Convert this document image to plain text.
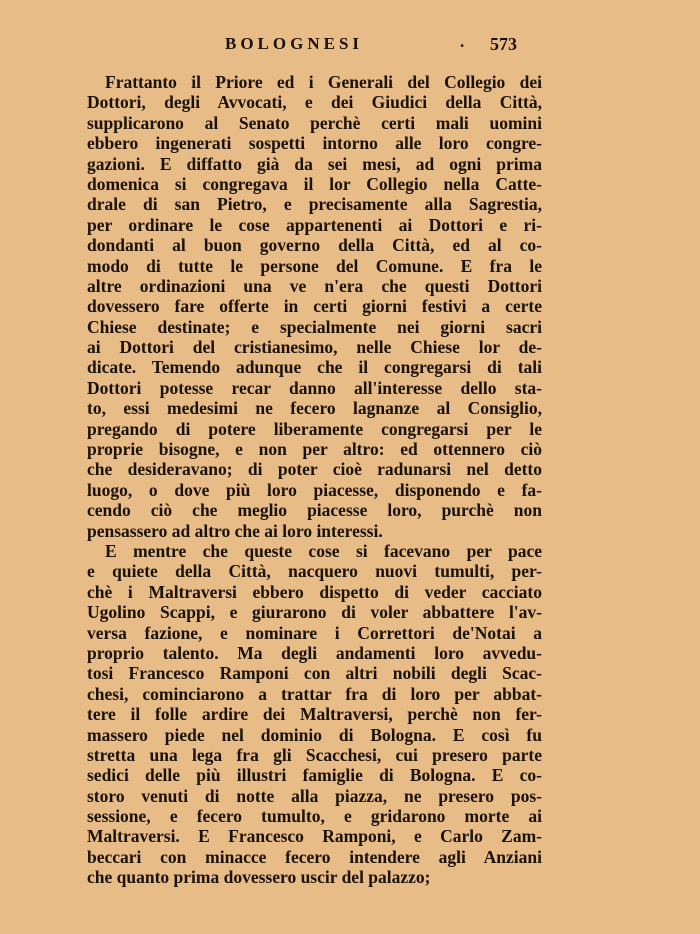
BOLOGNESI	. 573
Frattanto il Priore ed i Generali del Collegio dei
Dottori, degli Avvocati, e dei Giudici della Città,
supplicarono al Senato perchè certi mali uomini
ebbero ingenerati sospetti intorno alle loro congre-
gazioni. E diffatto già da sei mesi, ad ogni prima
domenica si congregava il lor Collegio nella Catte-
drale di san Pietro, e precisamente alla Sagrestia,
per ordinare le cose appartenenti ai Dottori e ri-
dondanti al buon governo della Città, ed al co-
modo di tutte le persone del Comune. E fra le
altre ordinazioni una ve n'era che questi Dottori
dovessero fare offerte in certi giorni festivi a certe
Chiese destinate; e specialmente nei giorni sacri
ai Dottori del cristianesimo, nelle Chiese lor de-
dicate. Temendo adunque che il congregarsi di tali
Dottori potesse recar danno all'interesse dello sta-
to, essi medesimi ne fecero lagnanze al Consiglio,
pregando di potere liberamente congregarsi per le
proprie bisogne, e non per altro: ed ottennero ciò
che desideravano; di poter cioè radunarsi nel detto
luogo, o dove più loro piacesse, disponendo e fa-
cendo ciò che meglio piacesse loro, purchè non
pensassero ad altro che ai loro interessi.
E mentre che queste cose si facevano per pace
e quiete della Città, nacquero nuovi tumulti, per-
chè i Maltraversi ebbero dispetto di veder cacciato
Ugolino Scappi, e giurarono di voler abbattere l'av-
versa fazione, e nominare i Correttori de'Notai a
proprio talento. Ma degli andamenti loro avvedu-
tosi Francesco Ramponi con altri nobili degli Scac-
chesi, cominciarono a trattar fra di loro per abbat-
tere il folle ardire dei Maltraversi, perchè non fer-
massero piede nel dominio di Bologna. E così fu
stretta una lega fra gli Scacchesi, cui presero parte
sedici delle più illustri famiglie di Bologna. E co-
storo venuti di notte alla piazza, ne presero pos-
sessione, e fecero tumulto, e gridarono morte ai
Maltraversi. E Francesco Ramponi, e Carlo Zam-
beccari con minacce fecero intendere agli Anziani
che quanto prima dovessero uscir del palazzo;
